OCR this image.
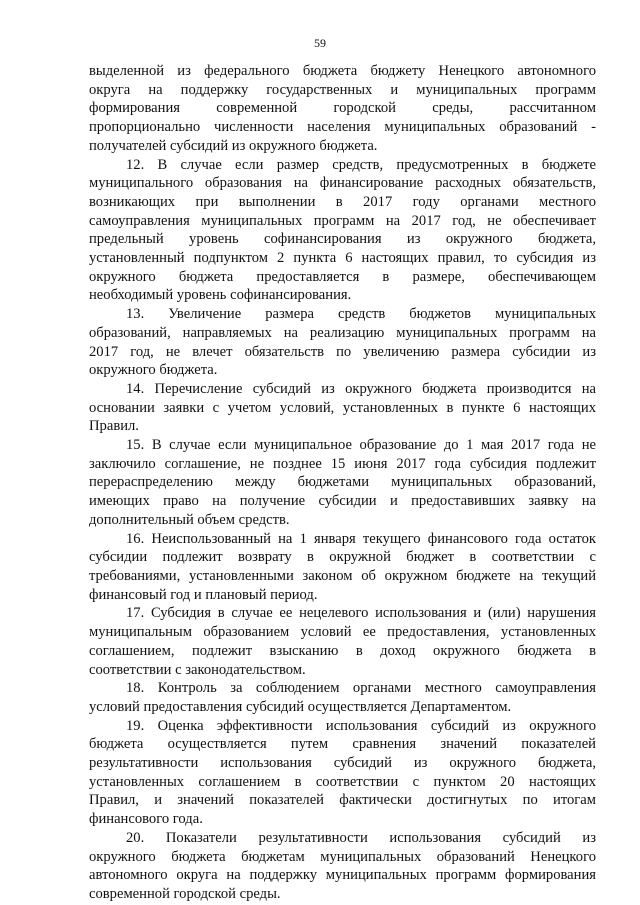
59
выделенной из федерального бюджета бюджету Ненецкого автономного
округа на поддержку государственных и муниципальных программ
формирования современной городской среды, рассчитанном
пропорционально численности населения муниципальных образований -
получателей субсидий из окружного бюджета.
12. В случае если размер средств, предусмотренных в бюджете
муниципального образования на финансирование расходных обязательств,
возникающих при выполнении в 2017 году органами местного
самоуправления муниципальных программ на 2017 год, не обеспечивает
предельный уровень софинансирования из окружного бюджета,
установленный подпунктом 2 пункта 6 настоящих правил, то субсидия из
окружного бюджета предоставляется в размере, обеспечивающем
необходимый уровень софинансирования.
13. Увеличение размера средств бюджетов муниципальных
образований, направляемых на реализацию муниципальных программ на
2017 год, не влечет обязательств по увеличению размера субсидии из
окружного бюджета.
14. Перечисление субсидий из окружного бюджета производится на
основании заявки с учетом условий, установленных в пункте 6 настоящих
Правил.
15. В случае если муниципальное образование до 1 мая 2017 года не
заключило соглашение, не позднее 15 июня 2017 года субсидия подлежит
перераспределению между бюджетами муниципальных образований,
имеющих право на получение субсидии и предоставивших заявку на
дополнительный объем средств.
16. Неиспользованный на 1 января текущего финансового года остаток
субсидии подлежит возврату в окружной бюджет в соответствии с
требованиями, установленными законом об окружном бюджете на текущий
финансовый год и плановый период.
17. Субсидия в случае ее нецелевого использования и (или) нарушения
муниципальным образованием условий ее предоставления, установленных
соглашением, подлежит взысканию в доход окружного бюджета в
соответствии с законодательством.
18. Контроль за соблюдением органами местного самоуправления
условий предоставления субсидий осуществляется Департаментом.
19. Оценка эффективности использования субсидий из окружного
бюджета осуществляется путем сравнения значений показателей
результативности использования субсидий из окружного бюджета,
установленных соглашением в соответствии с пунктом 20 настоящих
Правил, и значений показателей фактически достигнутых по итогам
финансового года.
20. Показатели результативности использования субсидий из
окружного бюджета бюджетам муниципальных образований Ненецкого
автономного округа на поддержку муниципальных программ формирования
современной городской среды.
